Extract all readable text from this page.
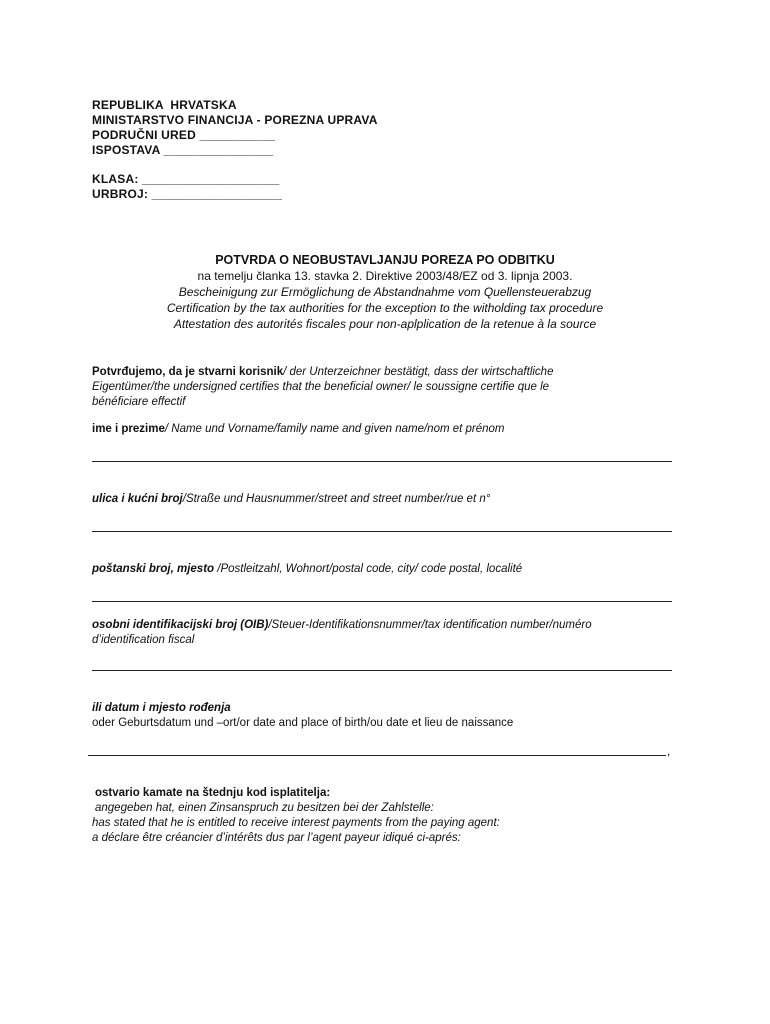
REPUBLIKA  HRVATSKA
MINISTARSTVO FINANCIJA - POREZNA UPRAVA
PODRUČNI URED ___________
ISPOSTAVA ________________
KLASA: ____________________
URBROJ: ___________________
POTVRDA O NEOBUSTAVLJANJU POREZA PO ODBITKU
na temelju članka 13. stavka 2. Direktive 2003/48/EZ od 3. lipnja 2003.
Bescheinigung zur Ermöglichung de Abstandnahme vom Quellensteuerabzug
Certification by the tax authorities for the exception to the witholding tax procedure
Attestation des autorités fiscales pour non-aplplication de la retenue à la source
Potvrđujemo, da je stvarni korisnik/ der Unterzeichner bestätigt, dass der wirtschaftliche
Eigentümer/the undersigned certifies that the beneficial owner/ le soussigne certifie que le
bénéficiare effectif
ime i prezime/ Name und Vorname/family name and given name/nom et prénom
ulica i kućni broj/Straße und Hausnummer/street and street number/rue et n°
poštanski broj, mjesto /Postleitzahl, Wohnort/postal code, city/ code postal, localité
osobni identifikacijski broj (OIB)/Steuer-Identifikationsnummer/tax identification number/numéro
d’identification fiscal
ili datum i mjesto rođenja
oder Geburtsdatum und –ort/or date and place of birth/ou date et lieu de naissance
,
ostvario kamate na štednju kod isplatitelja:
angegeben hat, einen Zinsanspruch zu besitzen bei der Zahlstelle:
has stated that he is entitled to receive interest payments from the paying agent:
a déclare être créancier d’intérêts dus par l’agent payeur idiqué ci-aprés:
